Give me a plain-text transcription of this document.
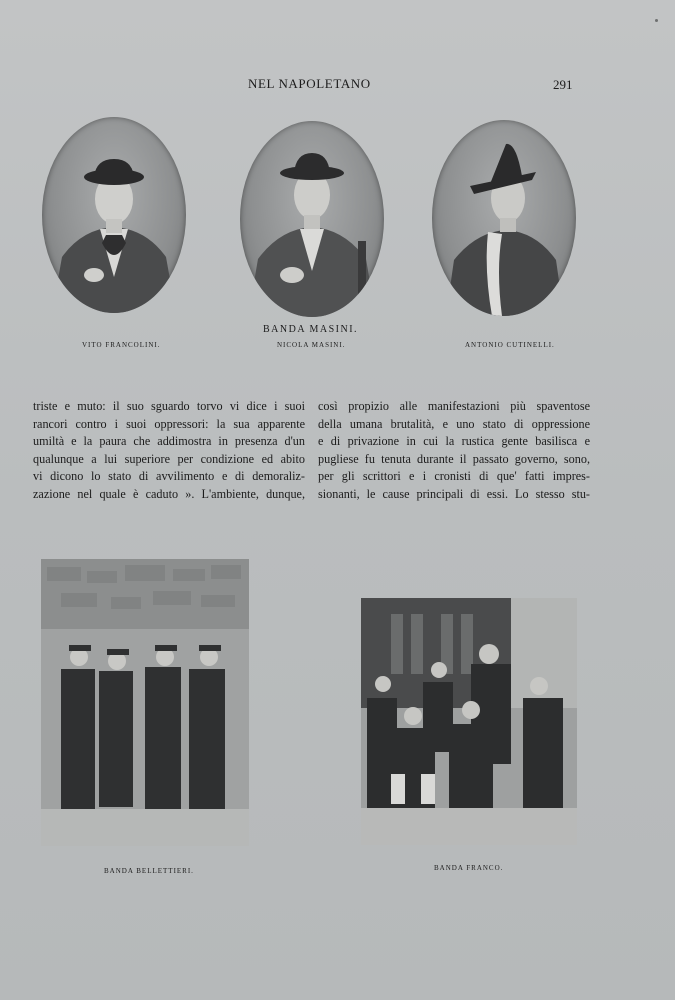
NEL NAPOLETANO	291
VITO FRANCOLINI.
BANDA MASINI.
NICOLA MASINI.	ANTONIO CUTINELLI.

triste e muto: il suo sguardo torvo vi dice i suoi

rancori contro i suoi oppressori: la sua apparente

umiltà e la paura che addimostra in presenza d'un

qualunque a lui superiore per condizione ed abito

vi dicono lo stato di avvilimento e di demoraliz-

zazione nel quale è caduto ». L'ambiente, dunque,

così propizio alle manifestazioni più spaventose

della umana brutalità, e uno stato di oppressione

e di privazione in cui la rustica gente basilisca e

pugliese fu tenuta durante il passato governo, sono,

per gli scrittori e i cronisti di que' fatti impres-

sionanti, le cause principali di essi. Lo stesso stu-

BANDA BELLETTIERI.	BANDA FRANCO.
